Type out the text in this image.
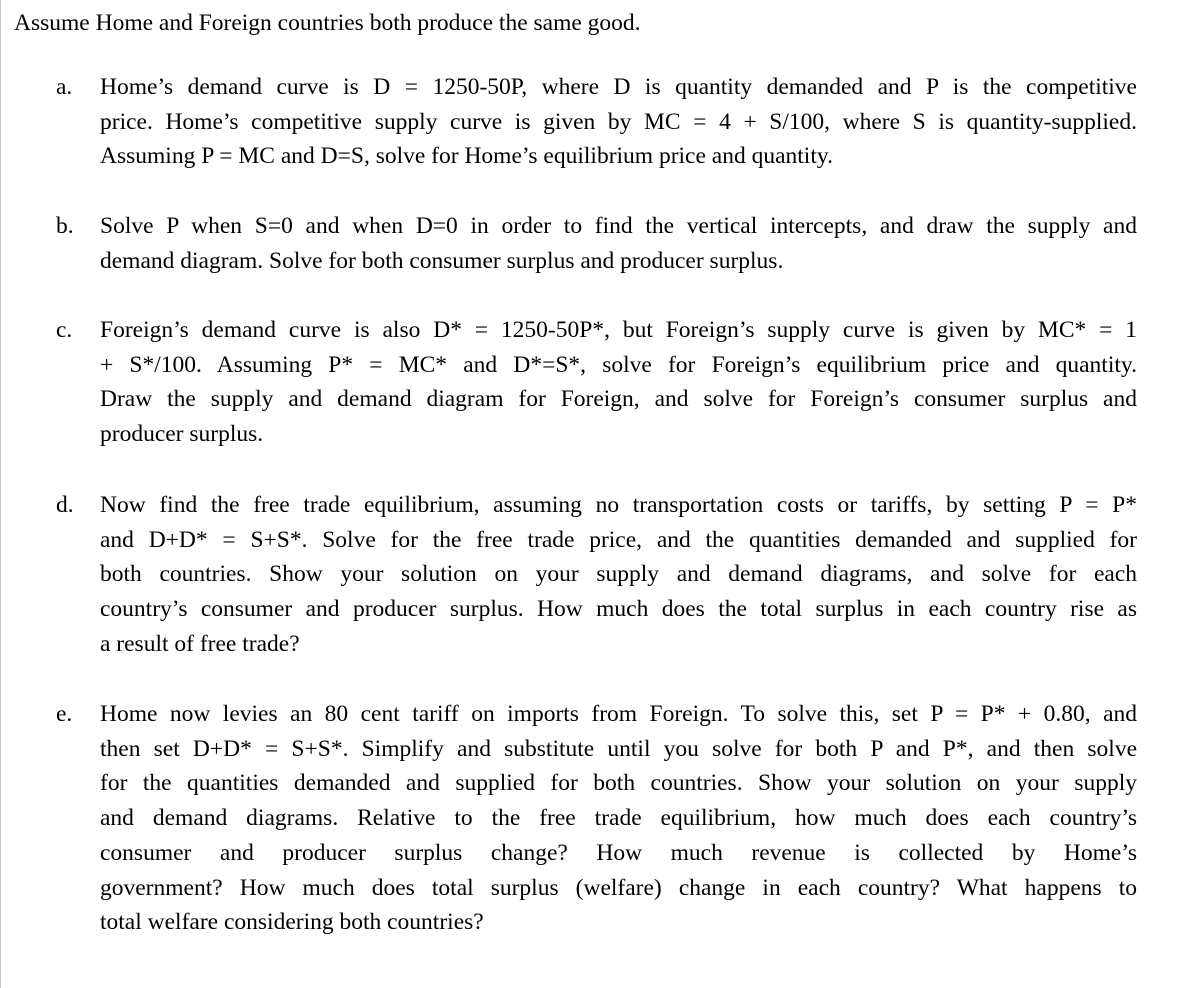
Assume Home and Foreign countries both produce the same good.
a. Home’s demand curve is D = 1250-50P, where D is quantity demanded and P is the competitive
price. Home’s competitive supply curve is given by MC = 4 + S/100, where S is quantity-supplied.
Assuming P = MC and D=S, solve for Home’s equilibrium price and quantity.
b. Solve P when S=0 and when D=0 in order to find the vertical intercepts, and draw the supply and
demand diagram. Solve for both consumer surplus and producer surplus.
c. Foreign’s demand curve is also D* = 1250-50P*, but Foreign’s supply curve is given by MC* = 1
+ S*/100. Assuming P* = MC* and D*=S*, solve for Foreign’s equilibrium price and quantity.
Draw the supply and demand diagram for Foreign, and solve for Foreign’s consumer surplus and
producer surplus.
d. Now find the free trade equilibrium, assuming no transportation costs or tariffs, by setting P = P*
and D+D* = S+S*. Solve for the free trade price, and the quantities demanded and supplied for
both countries. Show your solution on your supply and demand diagrams, and solve for each
country’s consumer and producer surplus. How much does the total surplus in each country rise as
a result of free trade?
e. Home now levies an 80 cent tariff on imports from Foreign. To solve this, set P = P* + 0.80, and
then set D+D* = S+S*. Simplify and substitute until you solve for both P and P*, and then solve
for the quantities demanded and supplied for both countries. Show your solution on your supply
and demand diagrams. Relative to the free trade equilibrium, how much does each country’s
consumer and producer surplus change? How much revenue is collected by Home’s
government? How much does total surplus (welfare) change in each country? What happens to
total welfare considering both countries?
